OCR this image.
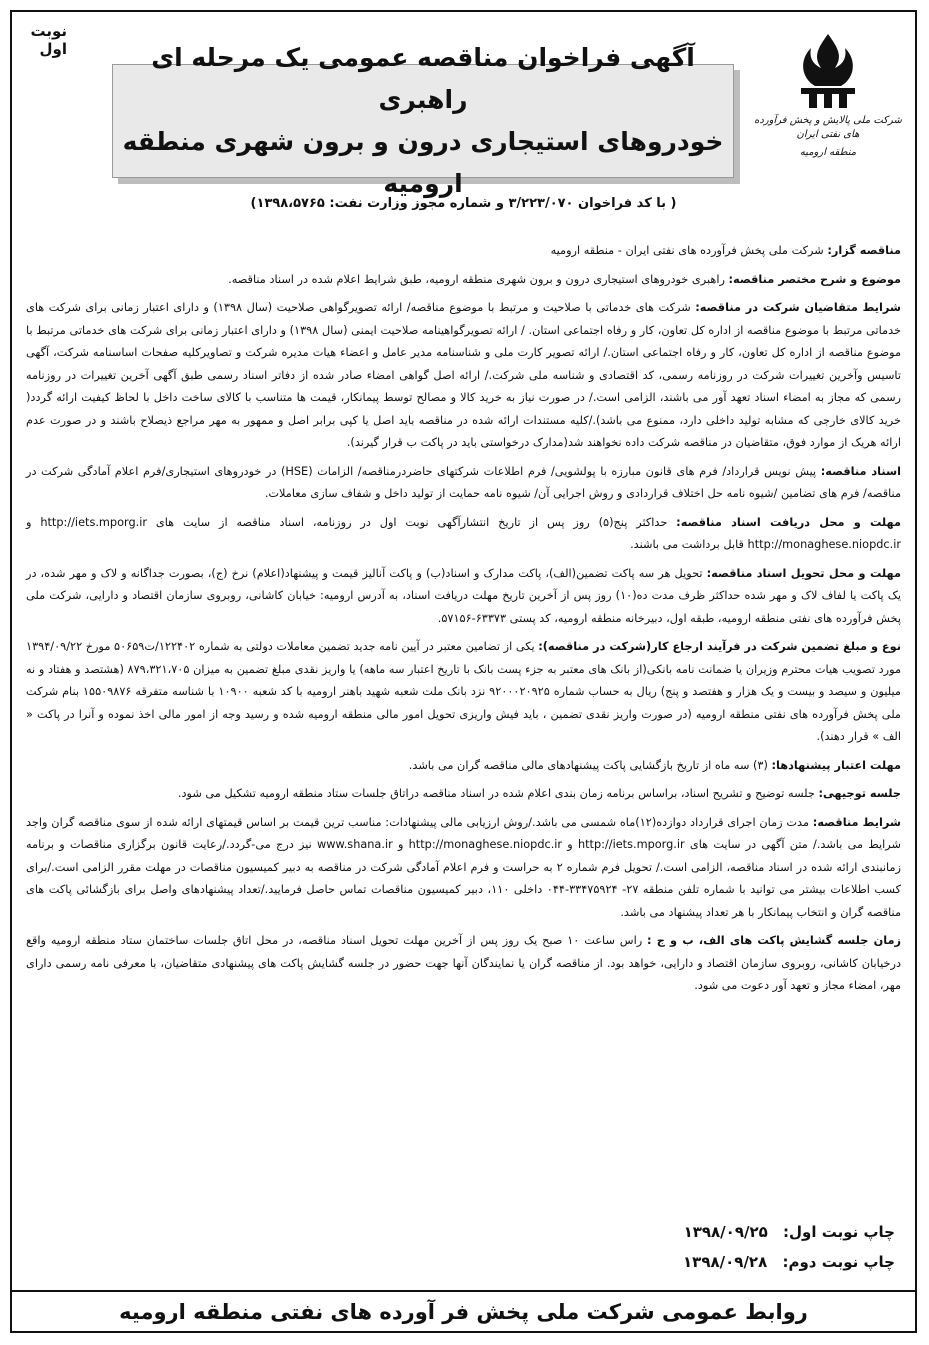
نوبت اول
شرکت ملی پالایش و پخش فرآورده های نفتی ایران
منطقه ارومیه
آگهی فراخوان مناقصه عمومی یک مرحله ای راهبری
خودروهای استیجاری درون و برون شهری منطقه ارومیه
( با کد فراخوان ۳/۲۲۳/۰۷۰ و شماره مجوز وزارت نفت: ۱۳۹۸،۵۷۶۵)

مناقصه گزار: شرکت ملی پخش فرآورده های نفتی ایران - منطقه ارومیه

موضوع و شرح مختصر مناقصه: راهبری خودروهای استیجاری درون و برون شهری منطقه ارومیه، طبق شرایط اعلام شده در اسناد مناقصه.

شرایط متقاضیان شرکت در مناقصه: شرکت های خدماتی با صلاحیت و مرتبط با موضوع مناقصه/ ارائه تصویرگواهی صلاحیت (سال ۱۳۹۸) و دارای اعتبار زمانی برای شرکت های خدماتی مرتبط با موضوع مناقصه از اداره کل تعاون، کار و رفاه اجتماعی استان. / ارائه تصویرگواهینامه صلاحیت ایمنی (سال ۱۳۹۸) و دارای اعتبار زمانی برای شرکت های خدماتی مرتبط با موضوع مناقصه از اداره کل تعاون، کار و رفاه اجتماعی استان./ ارائه تصویر کارت ملی و شناسنامه مدیر عامل و اعضاء هیات مدیره شرکت و تصاویرکلیه صفحات اساسنامه شرکت، آگهی تاسیس وآخرین تغییرات شرکت در روزنامه رسمی، کد اقتصادی و شناسه ملی شرکت./ ارائه اصل گواهی امضاء صادر شده از دفاتر اسناد رسمی طبق آگهی آخرین تغییرات در روزنامه رسمی که مجاز به امضاء اسناد تعهد آور می باشند، الزامی است./ در صورت نیاز به خرید کالا و مصالح توسط پیمانکار، قیمت ها متناسب با کالای ساخت داخل با لحاظ کیفیت ارائه گردد( خرید کالای خارجی که مشابه تولید داخلی دارد، ممنوع می باشد)./کلیه مستندات ارائه شده در مناقصه باید اصل یا کپی برابر اصل و ممهور به مهر مراجع ذیصلاح باشند و در صورت عدم ارائه هریک از موارد فوق، متقاضیان در مناقصه شرکت داده نخواهند شد(مدارک درخواستی باید در پاکت ب قرار گیرند).

اسناد مناقصه: پیش نویس قرارداد/ فرم های قانون مبارزه با پولشویی/ فرم اطلاعات شرکتهای حاضردرمناقصه/ الزامات (HSE) در خودروهای استیجاری/فرم اعلام آمادگی شرکت در مناقصه/ فرم های تضامین /شیوه نامه حل اختلاف قراردادی و روش اجرایی آن/ شیوه نامه حمایت از تولید داخل و شفاف سازی معاملات.

مهلت و محل دریافت اسناد مناقصه: حداکثر پنج(۵) روز پس از تاریخ انتشارآگهی نوبت اول در روزنامه، اسناد مناقصه از سایت های http://iets.mporg.ir و http://monaghese.niopdc.ir قابل برداشت می باشند.

مهلت و محل تحویل اسناد مناقصه: تحویل هر سه پاکت تضمین(الف)، پاکت مدارک و اسناد(ب) و پاکت آنالیز قیمت و پیشنهاد(اعلام) نرخ (ج)، بصورت جداگانه و لاک و مهر شده، در یک پاکت یا لفاف لاک و مهر شده حداکثر ظرف مدت ده(۱۰) روز پس از آخرین تاریخ مهلت دریافت اسناد، به آدرس ارومیه: خیابان کاشانی، روبروی سازمان اقتصاد و دارایی، شرکت ملی پخش فرآورده های نفتی منطقه ارومیه، طبقه اول، دبیرخانه منطقه ارومیه، کد پستی ۶۳۳۷۳-۵۷۱۵۶.

نوع و مبلغ تضمین شرکت در فرآیند ارجاع کار(شرکت در مناقصه): یکی از تضامین معتبر در آیین نامه جدید تضمین معاملات دولتی به شماره ۱۲۲۴۰۲/ت۵۰۶۵۹ مورخ ۱۳۹۴/۰۹/۲۲ مورد تصویب هیات محترم وزیران یا ضمانت نامه بانکی(از بانک های معتبر به جزء پست بانک با تاریخ اعتبار سه ماهه) یا واریز نقدی مبلغ تضمین به میزان ۸۷۹،۳۲۱،۷۰۵ (هشتصد و هفتاد و نه میلیون و سیصد و بیست و یک هزار و هفتصد و پنج) ریال به حساب شماره ۹۲۰۰۰۲۰۹۲۵ نزد بانک ملت شعبه شهید باهنر ارومیه با کد شعبه ۱۰۹۰۰ با شناسه متفرقه ۱۵۵۰۹۸۷۶ بنام شرکت ملی پخش فرآورده های نفتی منطقه ارومیه (در صورت واریز نقدی تضمین ، باید فیش واریزی تحویل امور مالی منطقه ارومیه شده و رسید وجه از امور مالی اخذ نموده و آنرا در پاکت « الف » قرار دهند).

مهلت اعتبار پیشنهادها: (۳) سه ماه از تاریخ بازگشایی پاکت پیشنهادهای مالی مناقصه گران می باشد.

جلسه توجیهی: جلسه توضیح و تشریح اسناد، براساس برنامه زمان بندی اعلام شده در اسناد مناقصه دراتاق جلسات ستاد منطقه ارومیه تشکیل می شود.

شرایط مناقصه: مدت زمان اجرای قرارداد دوازده(۱۲)ماه شمسی می باشد./روش ارزیابی مالی پیشنهادات: مناسب ترین قیمت بر اساس قیمتهای ارائه شده از سوی مناقصه گران واجد شرایط می باشد./ متن آگهی در سایت های http://iets.mporg.ir و http://monaghese.niopdc.ir و www.shana.ir نیز درج می-گردد./رعایت قانون برگزاری مناقصات و برنامه زمانبندی ارائه شده در اسناد مناقصه، الزامی است./ تحویل فرم شماره ۲ به حراست و فرم اعلام آمادگی شرکت در مناقصه به دبیر کمیسیون مناقصات در مهلت مقرر الزامی است./برای کسب اطلاعات بیشتر می توانید با شماره تلفن منطقه ۲۷- ۳۳۴۷۵۹۲۴-۰۴۴ داخلی ۱۱۰، دبیر کمیسیون مناقصات تماس حاصل فرمایید./تعداد پیشنهادهای واصل برای بازگشائی پاکت های مناقصه گران و انتخاب پیمانکار با هر تعداد پیشنهاد می باشد.

زمان جلسه گشایش پاکت های الف، ب و ج : راس ساعت ۱۰ صبح یک روز پس از آخرین مهلت تحویل اسناد مناقصه، در محل اتاق جلسات ساختمان ستاد منطقه ارومیه واقع درخیابان کاشانی، روبروی سازمان اقتصاد و دارایی، خواهد بود. از مناقصه گران یا نمایندگان آنها جهت حضور در جلسه گشایش پاکت های پیشنهادی متقاضیان، با معرفی نامه رسمی دارای مهر، امضاء مجاز و تعهد آور دعوت می شود.

چاپ نوبت اول: ۱۳۹۸/۰۹/۲۵
چاپ نوبت دوم: ۱۳۹۸/۰۹/۲۸
روابط عمومی شرکت ملی پخش فر آورده های نفتی منطقه ارومیه
